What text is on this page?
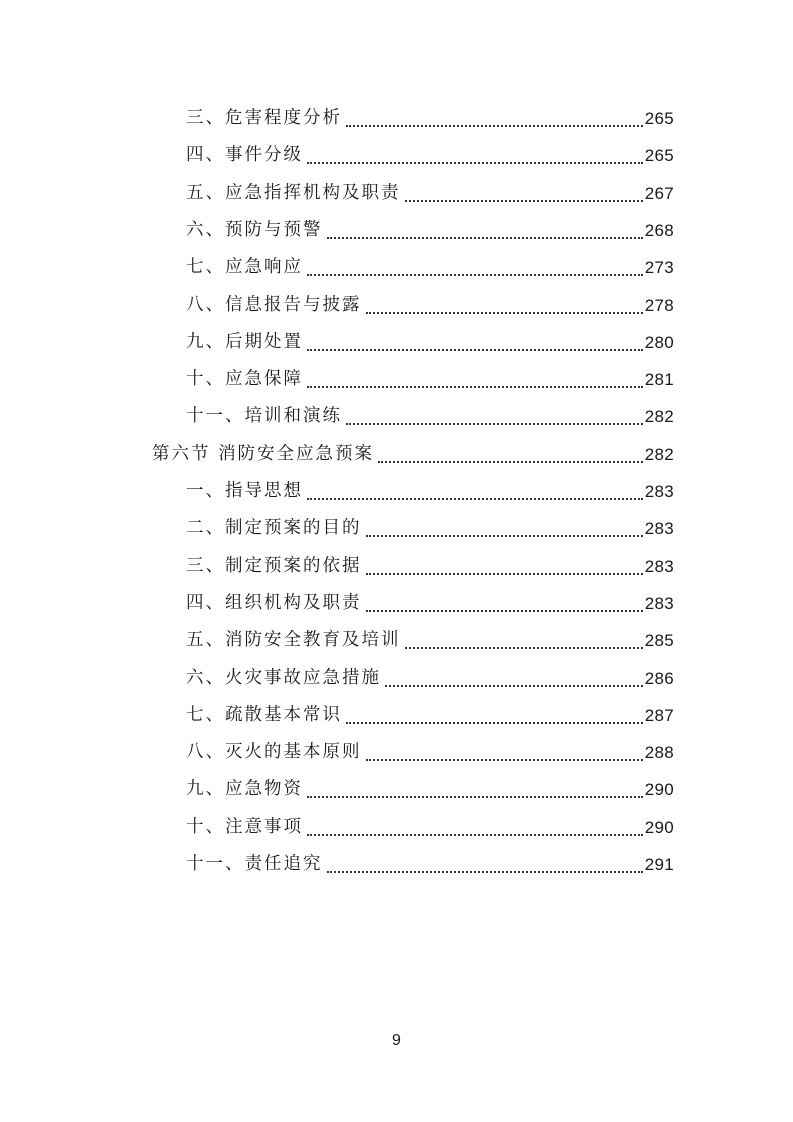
三、危害程度分析	265
四、事件分级	265
五、应急指挥机构及职责	267
六、预防与预警	268
七、应急响应	273
八、信息报告与披露	278
九、后期处置	280
十、应急保障	281
十一、培训和演练	282
第六节 消防安全应急预案	282
一、指导思想	283
二、制定预案的目的	283
三、制定预案的依据	283
四、组织机构及职责	283
五、消防安全教育及培训	285
六、火灾事故应急措施	286
七、疏散基本常识	287
八、灭火的基本原则	288
九、应急物资	290
十、注意事项	290
十一、责任追究	291
9
